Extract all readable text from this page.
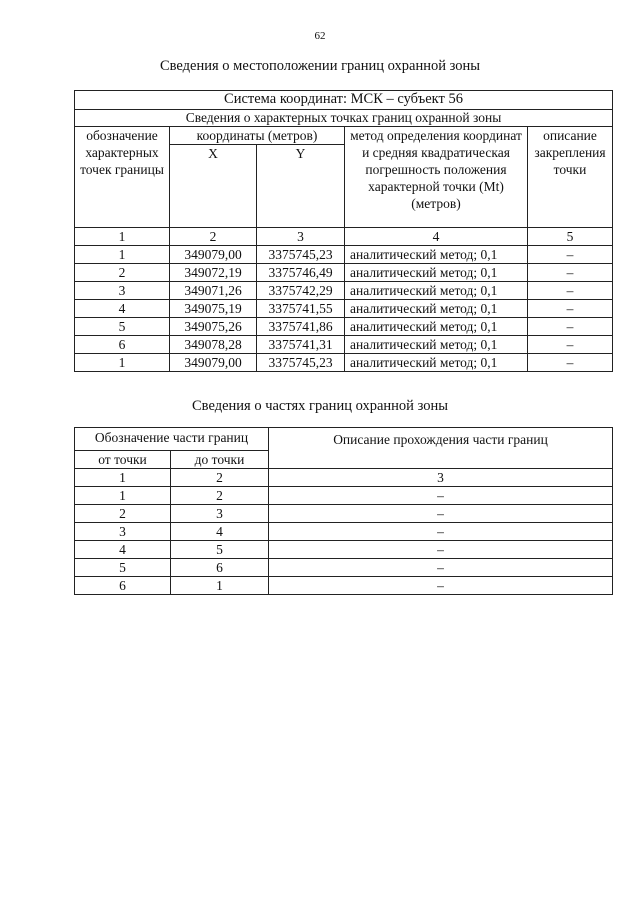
62
Сведения о местоположении границ охранной зоны
Система координат: МСК – субъект 56				
Сведения о характерных точках границ охранной зоны				
обозначение характерных точек границы	координаты (метров)		метод определения координат и средняя квадратическая погрешность положения характерной точки (Mt) (метров)	описание закрепления точки
	X	Y		
1	2	3	4	5
1	349079,00	3375745,23	аналитический метод; 0,1	–
2	349072,19	3375746,49	аналитический метод; 0,1	–
3	349071,26	3375742,29	аналитический метод; 0,1	–
4	349075,19	3375741,55	аналитический метод; 0,1	–
5	349075,26	3375741,86	аналитический метод; 0,1	–
6	349078,28	3375741,31	аналитический метод; 0,1	–
1	349079,00	3375745,23	аналитический метод; 0,1	–
Сведения о частях границ охранной зоны
Обозначение части границ		Описание прохождения части границ
от точки	до точки	
1	2	3
1	2	–
2	3	–
3	4	–
4	5	–
5	6	–
6	1	–
